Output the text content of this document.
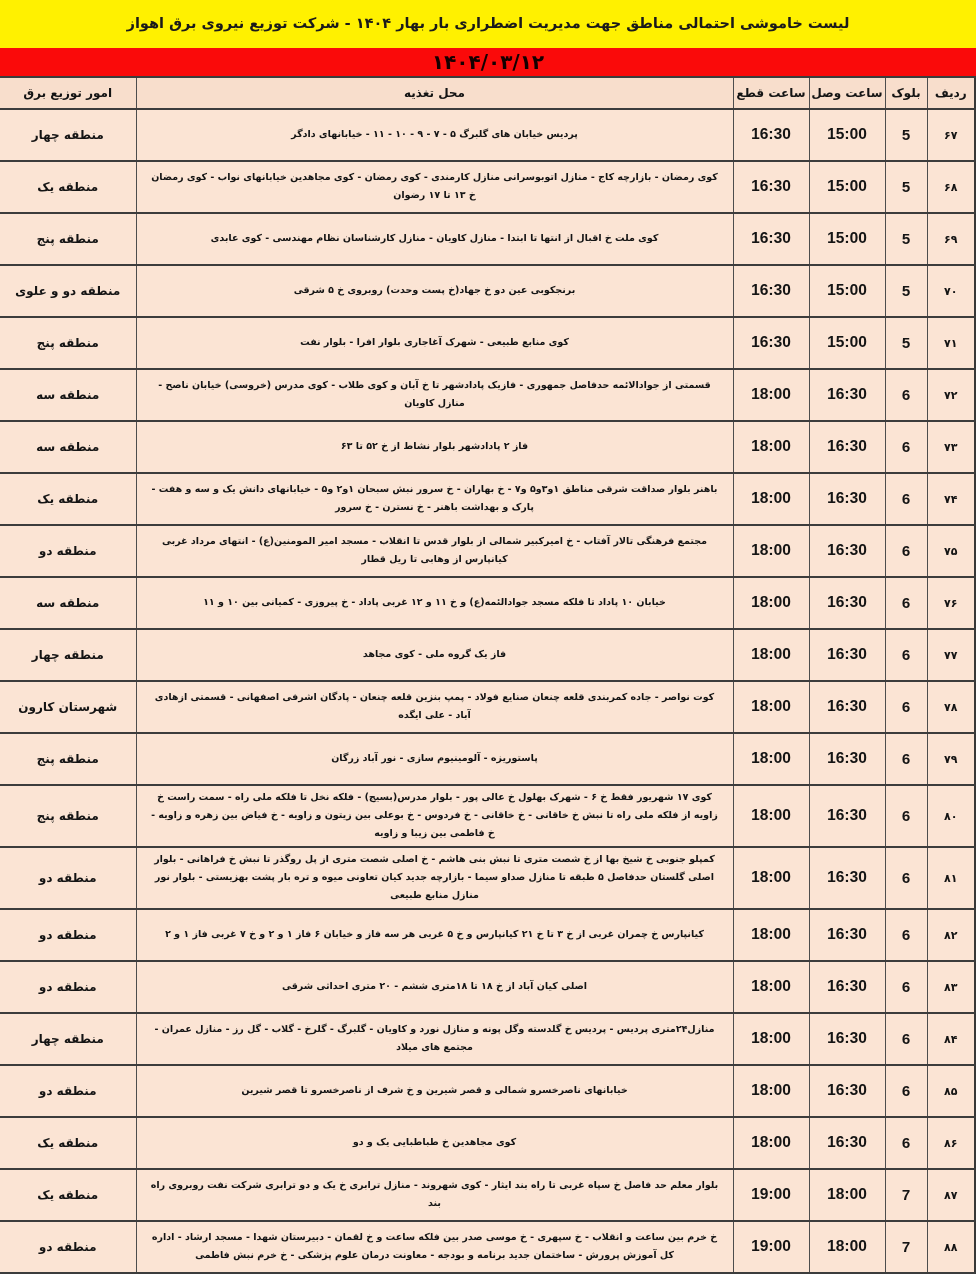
لیست خاموشی احتمالی مناطق جهت مدیریت اضطراری بار بهار ۱۴۰۴ - شرکت توزیع نیروی برق اهواز
۱۴۰۴/۰۳/۱۲
ردیف	بلوک	ساعت وصل	ساعت قطع	محل تغذیه	امور توزیع برق
۶۷	5	15:00	16:30	پردیس خیابان های گلبرگ ۵ - ۷ - ۹ - ۱۰ - ۱۱ - خیابانهای دادگر	منطقه چهار
۶۸	5	15:00	16:30	کوی رمضان - بازارچه کاج - منازل اتوبوسرانی منازل کارمندی - کوی رمضان - کوی مجاهدین خیابانهای نواب - کوی رمضان خ ۱۳ تا ۱۷ رضوان	منطقه یک
۶۹	5	15:00	16:30	کوی ملت خ اقبال از انتها تا ابتدا - منازل کاویان - منازل کارشناسان نظام مهندسی - کوی عابدی	منطقه پنج
۷۰	5	15:00	16:30	برنجکوبی عین دو خ جهاد(خ پست وحدت) روبروی خ ۵ شرقی	منطقه دو و علوی
۷۱	5	15:00	16:30	کوی منابع طبیعی - شهرک آغاجاری بلوار افرا - بلوار نفت	منطقه پنج
۷۲	6	16:30	18:00	قسمتی از جوادالائمه حدفاصل جمهوری - فازیک پادادشهر تا خ آبان و کوی طلاب - کوی مدرس (خروسی) خیابان ناصح - منازل کاویان	منطقه سه
۷۳	6	16:30	18:00	فاز ۲ پادادشهر بلوار نشاط از خ ۵۲ تا ۶۳	منطقه سه
۷۴	6	16:30	18:00	باهنر بلوار صداقت شرقی مناطق ۱و۳و۵ و۷ - خ بهاران - خ سرور نبش سبحان ۱و۲ و۵ - خیابانهای دانش یک و سه و هفت - پارک و بهداشت باهنر - خ نسترن - خ سرور	منطقه یک
۷۵	6	16:30	18:00	مجتمع فرهنگی تالار آفتاب - خ امیرکبیر شمالی از بلوار قدس تا انقلاب - مسجد امیر المومنین(ع) - انتهای مرداد غربی کیانپارس از وهابی تا ریل قطار	منطقه دو
۷۶	6	16:30	18:00	خیابان ۱۰ پاداد تا فلکه مسجد جوادالئمه(ع) و خ ۱۱ و ۱۲ غربی پاداد - خ پیروزی - کمیانی بین ۱۰ و ۱۱	منطقه سه
۷۷	6	16:30	18:00	فاز یک گروه ملی - کوی مجاهد	منطقه چهار
۷۸	6	16:30	18:00	کوت نواصر - جاده کمربندی قلعه چنعان صنایع فولاد - پمپ بنزین قلعه چنعان - پادگان اشرفی اصفهانی - قسمتی ازهادی آباد - علی ایگده	شهرستان کارون
۷۹	6	16:30	18:00	پاستوریزه - آلومینیوم سازی - نور آباد زرگان	منطقه پنج
۸۰	6	16:30	18:00	کوی ۱۷ شهریور فقط خ ۶ - شهرک بهلول خ عالی پور - بلوار مدرس(بسیج) - فلکه نخل تا فلکه ملی راه - سمت راست خ زاویه از فلکه ملی راه تا نبش خ خاقانی - خ خاقانی - خ فردوس - خ بوعلی بین زیتون و زاویه - خ فیاض بین زهره و زاویه - خ فاطمی بین زیبا و زاویه	منطقه پنج
۸۱	6	16:30	18:00	کمپلو جنوبی خ شیخ بها از خ شصت متری تا نبش بنی هاشم - خ اصلی شصت متری از پل روگذر تا نبش خ فراهانی - بلوار اصلی گلستان حدفاصل ۵ طبقه تا منازل صداو سیما - بازارچه جدید کیان تعاونی میوه و تره بار پشت بهزیستی - بلوار نور منازل منابع طبیعی	منطقه دو
۸۲	6	16:30	18:00	کیانپارس خ چمران غربی از خ ۳ تا خ ۲۱ کیانپارس و خ ۵ غربی هر سه فاز و خیابان ۶ فاز ۱ و ۲ و خ ۷ غربی فاز ۱ و ۲	منطقه دو
۸۳	6	16:30	18:00	اصلی کیان آباد از خ ۱۸ تا ۱۸متری ششم - ۲۰ متری احداثی شرقی	منطقه دو
۸۴	6	16:30	18:00	منازل۲۴متری پردیس - پردیس خ گلدسته وگل پونه و منازل نورد و کاویان - گلبرگ - گلرخ - گلاب - گل رز - منازل عمران - مجتمع های میلاد	منطقه چهار
۸۵	6	16:30	18:00	خیابانهای ناصرخسرو شمالی و قصر شیرین و خ شرف از ناصرخسرو تا قصر شیرین	منطقه دو
۸۶	6	16:30	18:00	کوی مجاهدین خ طباطبایی یک و دو	منطقه یک
۸۷	7	18:00	19:00	بلوار معلم حد فاصل خ سپاه غربی تا راه بند ایثار - کوی شهروند - منازل ترابری خ یک و دو ترابری شرکت نفت روبروی راه بند	منطقه یک
۸۸	7	18:00	19:00	خ خرم بین ساعت و انقلاب - خ سپهری - خ موسی صدر بین فلکه ساعت و خ لقمان - دبیرستان شهدا - مسجد ارشاد - اداره کل آموزش پرورش - ساختمان جدید برنامه و بودجه - معاونت درمان علوم پزشکی - خ خرم نبش فاطمی	منطقه دو
